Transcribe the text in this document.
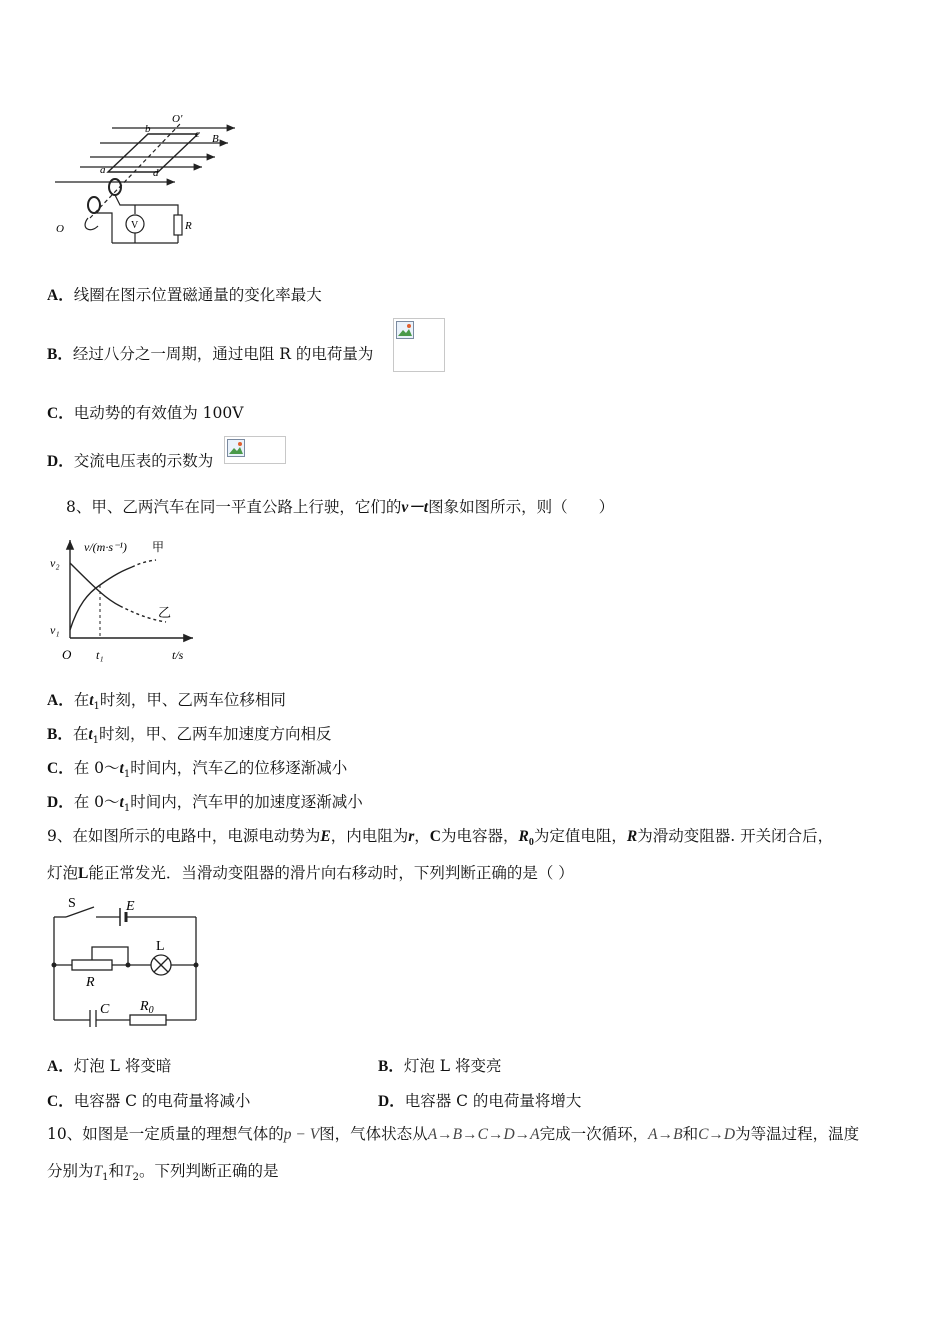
O'
b	c B
a	d
O	V	R
A．线圈在图示位置磁通量的变化率最大
B．经过八分之一周期，通过电阻 R 的电荷量为
C．电动势的有效值为 100V
D．交流电压表的示数为
8、甲、乙两汽车在同一平直公路上行驶，它们的v－t图象如图所示，则（　　）
v/(m·s⁻¹) 甲
乙
v₂
v₁
O t₁	t/s
A．在$t_1$时刻，甲、乙两车位移相同
B．在$t_1$时刻，甲、乙两车加速度方向相反
C．在 $0\sim t_1$时间内，汽车乙的位移逐渐减小
D．在 $0\sim t_1$时间内，汽车甲的加速度逐渐减小
9、在如图所示的电路中，电源电动势为E，内电阻为r，C为电容器，$R_0$为定值电阻，R为滑动变阻器. 开关闭合后，
灯泡L能正常发光．当滑动变阻器的滑片向右移动时，下列判断正确的是（ ）
S	E
L
R
C $R_0$
A．灯泡 L 将变暗	B．灯泡 L 将变亮
C．电容器 C 的电荷量将减小	D．电容器 C 的电荷量将增大
10、如图是一定质量的理想气体的p − V图，气体状态从A→B→C→D→A完成一次循环，A→B和C→D为等温过程，温度
分别为$T_1$和$T_2$。下列判断正确的是
